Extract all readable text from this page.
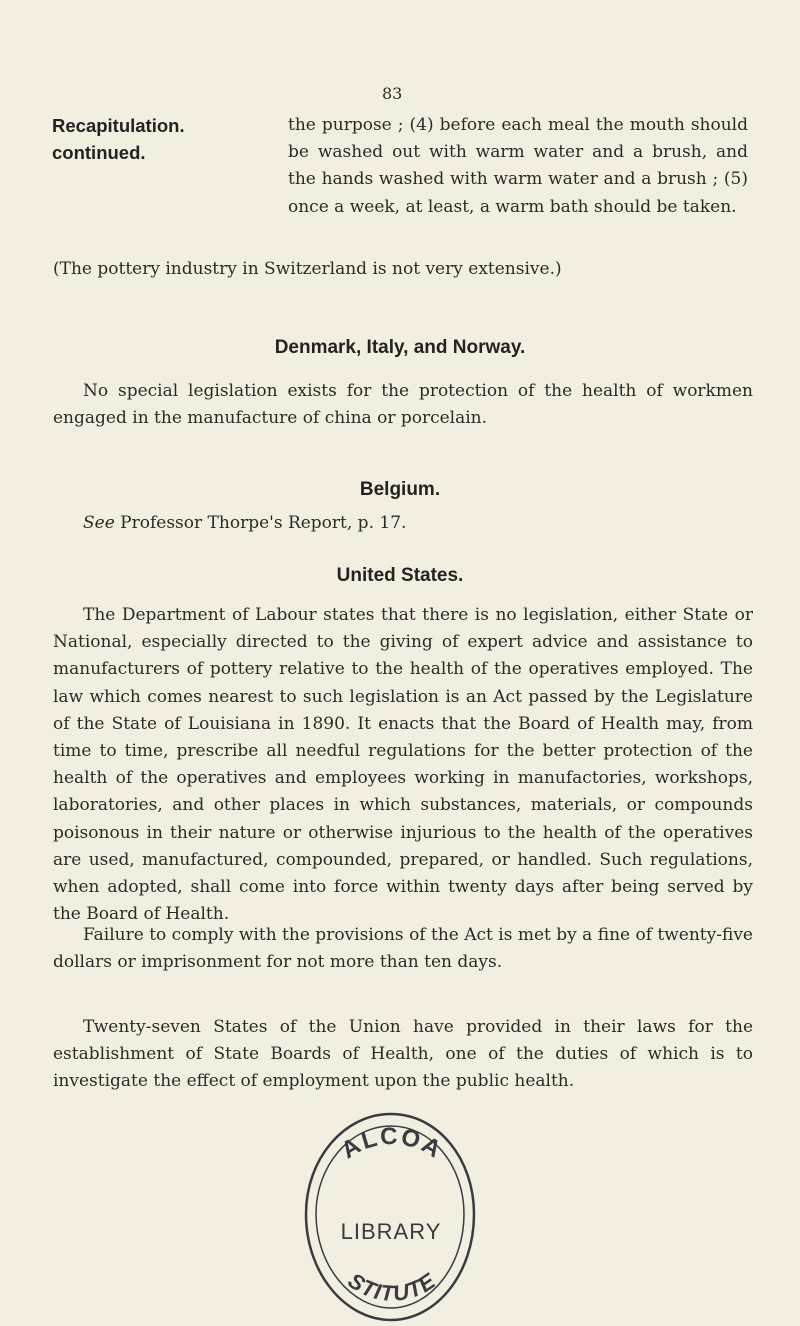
83
Recapitulation.
continued.

the purpose ; (4) before each meal the mouth should be washed out with warm water and a brush, and the hands washed with warm water and a brush ; (5) once a week, at least, a warm bath should be taken.

(The pottery industry in Switzerland is not very extensive.)

Denmark, Italy, and Norway.

No special legislation exists for the protection of the health of workmen engaged in the manufacture of china or porcelain.

Belgium.

See Professor Thorpe's Report, p. 17.

United States.

The Department of Labour states that there is no legislation, either State or National, especially directed to the giving of expert advice and assistance to manufacturers of pottery relative to the health of the operatives employed. The law which comes nearest to such legislation is an Act passed by the Legislature of the State of Louisiana in 1890. It enacts that the Board of Health may, from time to time, prescribe all needful regulations for the better protection of the health of the operatives and employees working in manufactories, workshops, laboratories, and other places in which substances, materials, or compounds poisonous in their nature or otherwise injurious to the health of the operatives are used, manufactured, compounded, prepared, or handled. Such regulations, when adopted, shall come into force within twenty days after being served by the Board of Health.

Failure to comply with the provisions of the Act is met by a fine of twenty-five dollars or imprisonment for not more than ten days.

Twenty-seven States of the Union have provided in their laws for the establishment of State Boards of Health, one of the duties of which is to investigate the effect of employment upon the public health.

ALCOA
LIBRARY
STITUTE
